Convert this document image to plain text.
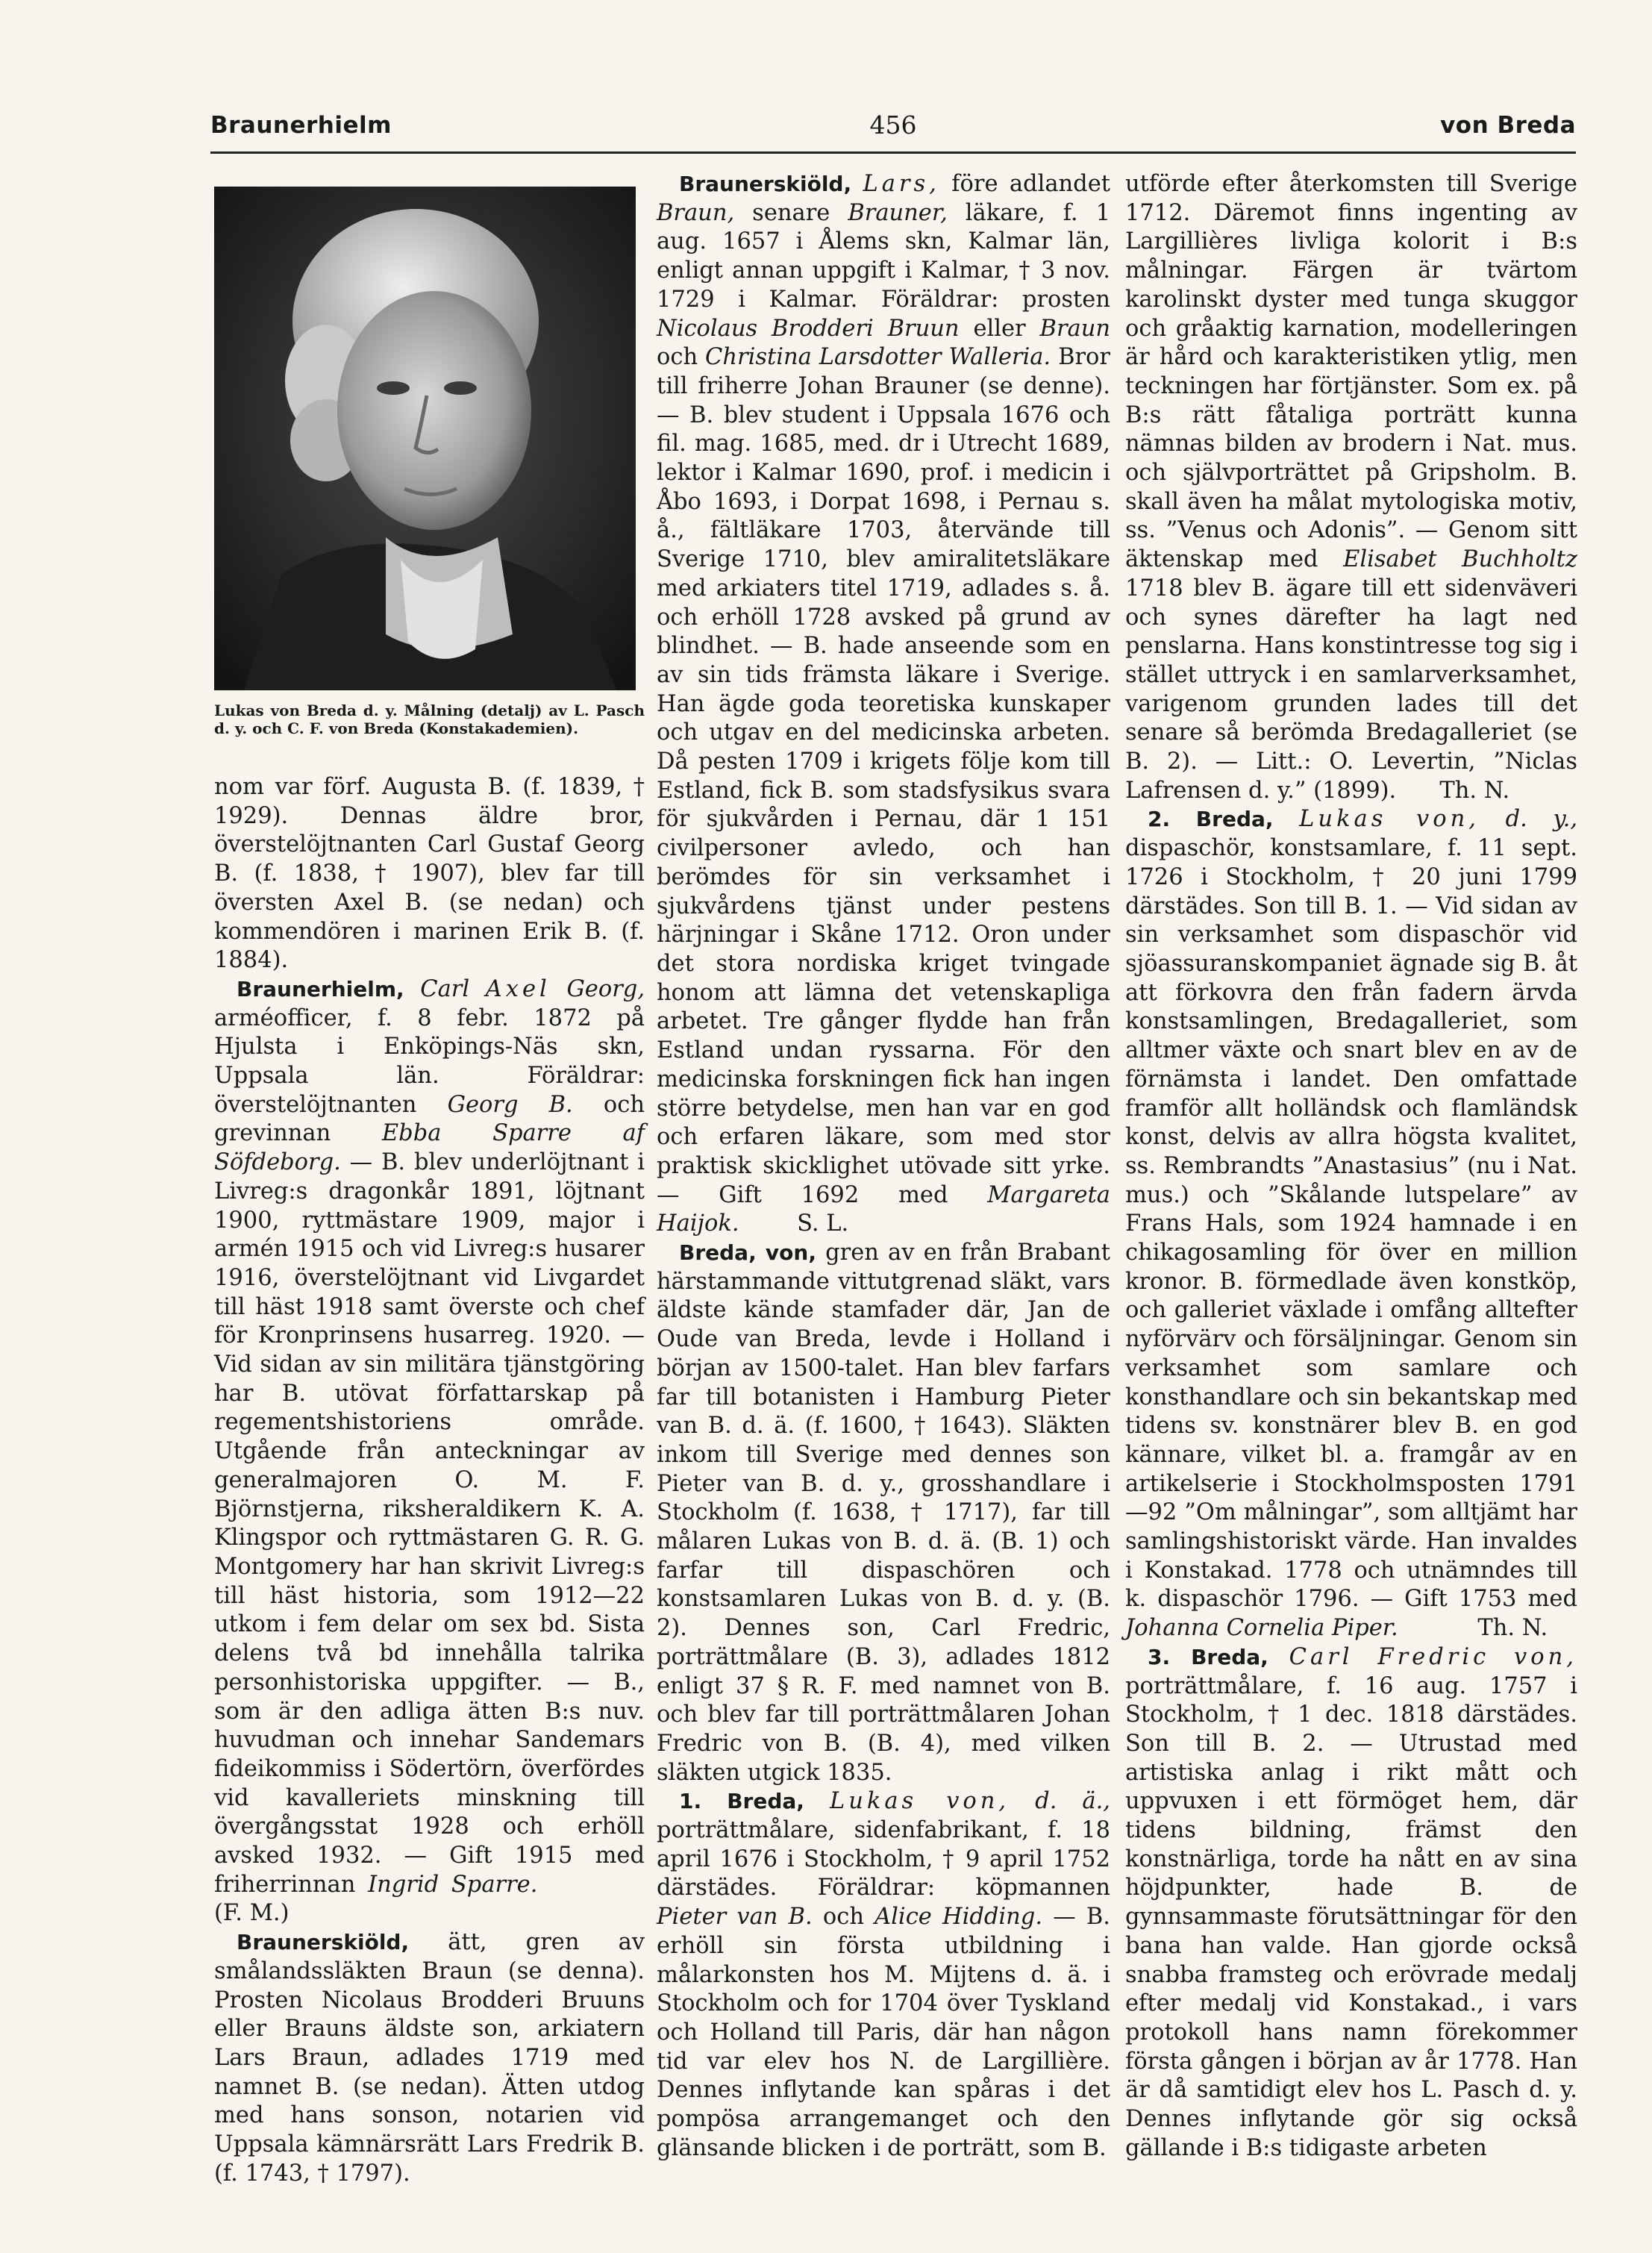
Braunerhielm	456	von Breda
Lukas von Breda d. y. Målning (detalj) av L. Pasch d. y. och C. F. von Breda (Konstakademien).

nom var förf. Augusta B. (f. 1839, † 1929). Dennas äldre bror, överstelöjtnanten Carl Gustaf Georg B. (f. 1838, † 1907), blev far till översten Axel B. (se nedan) och kommendören i marinen Erik B. (f. 1884).

Braunerhielm, Carl Axel Georg, arméofficer, f. 8 febr. 1872 på Hjulsta i Enköpings-Näs skn, Uppsala län. Föräldrar: överstelöjtnanten Georg B. och grevinnan Ebba Sparre af Söfdeborg. — B. blev underlöjtnant i Livreg:s dragonkår 1891, löjtnant 1900, ryttmästare 1909, major i armén 1915 och vid Livreg:s husarer 1916, överstelöjtnant vid Livgardet till häst 1918 samt överste och chef för Kronprinsens husarreg. 1920. — Vid sidan av sin militära tjänstgöring har B. utövat författarskap på regementshistoriens område. Utgående från anteckningar av generalmajoren O. M. F. Björnstjerna, riksheraldikern K. A. Klingspor och ryttmästaren G. R. G. Montgomery har han skrivit Livreg:s till häst historia, som 1912—22 utkom i fem delar om sex bd. Sista delens två bd innehålla talrika personhistoriska uppgifter. — B., som är den adliga ätten B:s nuv. huvudman och innehar Sandemars fideikommiss i Södertörn, överfördes vid kavalleriets minskning till övergångsstat 1928 och erhöll avsked 1932. — Gift 1915 med friherrinnan Ingrid Sparre.          (F. M.)

Braunerskiöld, ätt, gren av smålandssläkten Braun (se denna). Prosten Nicolaus Brodderi Bruuns eller Brauns äldste son, arkiatern Lars Braun, adlades 1719 med namnet B. (se nedan). Ätten utdog med hans sonson, notarien vid Uppsala kämnärsrätt Lars Fredrik B. (f. 1743, † 1797).

Braunerskiöld, Lars, före adlandet Braun, senare Brauner, läkare, f. 1 aug. 1657 i Ålems skn, Kalmar län, enligt annan uppgift i Kalmar, † 3 nov. 1729 i Kalmar. Föräldrar: prosten Nicolaus Brodderi Bruun eller Braun och Christina Larsdotter Walleria. Bror till friherre Johan Brauner (se denne). — B. blev student i Uppsala 1676 och fil. mag. 1685, med. dr i Utrecht 1689, lektor i Kalmar 1690, prof. i medicin i Åbo 1693, i Dorpat 1698, i Pernau s. å., fältläkare 1703, återvände till Sverige 1710, blev amiralitetsläkare med arkiaters titel 1719, adlades s. å. och erhöll 1728 avsked på grund av blindhet. — B. hade anseende som en av sin tids främsta läkare i Sverige. Han ägde goda teoretiska kunskaper och utgav en del medicinska arbeten. Då pesten 1709 i krigets följe kom till Estland, fick B. som stadsfysikus svara för sjukvården i Pernau, där 1 151 civilpersoner avledo, och han berömdes för sin verksamhet i sjukvårdens tjänst under pestens härjningar i Skåne 1712. Oron under det stora nordiska kriget tvingade honom att lämna det vetenskapliga arbetet. Tre gånger flydde han från Estland undan ryssarna. För den medicinska forskningen fick han ingen större betydelse, men han var en god och erfaren läkare, som med stor praktisk skicklighet utövade sitt yrke. — Gift 1692 med Margareta Haijok.	S. L.

Breda, von, gren av en från Brabant härstammande vittutgrenad släkt, vars äldste kände stamfader där, Jan de Oude van Breda, levde i Holland i början av 1500-talet. Han blev farfars far till botanisten i Hamburg Pieter van B. d. ä. (f. 1600, † 1643). Släkten inkom till Sverige med dennes son Pieter van B. d. y., grosshandlare i Stockholm (f. 1638, † 1717), far till målaren Lukas von B. d. ä. (B. 1) och farfar till dispaschören och konstsamlaren Lukas von B. d. y. (B. 2). Dennes son, Carl Fredric, porträttmålare (B. 3), adlades 1812 enligt 37 § R. F. med namnet von B. och blev far till porträttmålaren Johan Fredric von B. (B. 4), med vilken släkten utgick 1835.

1. Breda, Lukas von, d. ä., porträttmålare, sidenfabrikant, f. 18 april 1676 i Stockholm, † 9 april 1752 därstädes. Föräldrar: köpmannen Pieter van B. och Alice Hidding. — B. erhöll sin första utbildning i målarkonsten hos M. Mijtens d. ä. i Stockholm och for 1704 över Tyskland och Holland till Paris, där han någon tid var elev hos N. de Largillière. Dennes inflytande kan spåras i det pompösa arrangemanget och den glänsande blicken i de porträtt, som B.

utförde efter återkomsten till Sverige 1712. Däremot finns ingenting av Largillières livliga kolorit i B:s målningar. Färgen är tvärtom karolinskt dyster med tunga skuggor och gråaktig karnation, modelleringen är hård och karakteristiken ytlig, men teckningen har förtjänster. Som ex. på B:s rätt fåtaliga porträtt kunna nämnas bilden av brodern i Nat. mus. och självporträttet på Gripsholm. B. skall även ha målat mytologiska motiv, ss. ”Venus och Adonis”. — Genom sitt äktenskap med Elisabet Buchholtz 1718 blev B. ägare till ett sidenväveri och synes därefter ha lagt ned penslarna. Hans konstintresse tog sig i stället uttryck i en samlarverksamhet, varigenom grunden lades till det senare så berömda Bredagalleriet (se B. 2). — Litt.: O. Levertin, ”Niclas Lafrensen d. y.” (1899). Th. N.

2. Breda, Lukas von, d. y., dispaschör, konstsamlare, f. 11 sept. 1726 i Stockholm, † 20 juni 1799 därstädes. Son till B. 1. — Vid sidan av sin verksamhet som dispaschör vid sjöassuranskompaniet ägnade sig B. åt att förkovra den från fadern ärvda konstsamlingen, Bredagalleriet, som alltmer växte och snart blev en av de förnämsta i landet. Den omfattade framför allt holländsk och flamländsk konst, delvis av allra högsta kvalitet, ss. Rembrandts ”Anastasius” (nu i Nat. mus.) och ”Skålande lutspelare” av Frans Hals, som 1924 hamnade i en chikagosamling för över en million kronor. B. förmedlade även konstköp, och galleriet växlade i omfång alltefter nyförvärv och försäljningar. Genom sin verksamhet som samlare och konsthandlare och sin bekantskap med tidens sv. konstnärer blev B. en god kännare, vilket bl. a. framgår av en artikelserie i Stockholmsposten 1791—92 ”Om målningar”, som alltjämt har samlingshistoriskt värde. Han invaldes i Konstakad. 1778 och utnämndes till k. dispaschör 1796. — Gift 1753 med Johanna Cornelia Piper.	Th. N.

3. Breda, Carl Fredric von, porträttmålare, f. 16 aug. 1757 i Stockholm, † 1 dec. 1818 därstädes. Son till B. 2. — Utrustad med artistiska anlag i rikt mått och uppvuxen i ett förmöget hem, där tidens bildning, främst den konstnärliga, torde ha nått en av sina höjdpunkter, hade B. de gynnsammaste förutsättningar för den bana han valde. Han gjorde också snabba framsteg och erövrade medalj efter medalj vid Konstakad., i vars protokoll hans namn förekommer första gången i början av år 1778. Han är då samtidigt elev hos L. Pasch d. y. Dennes inflytande gör sig också gällande i B:s tidigaste arbeten
